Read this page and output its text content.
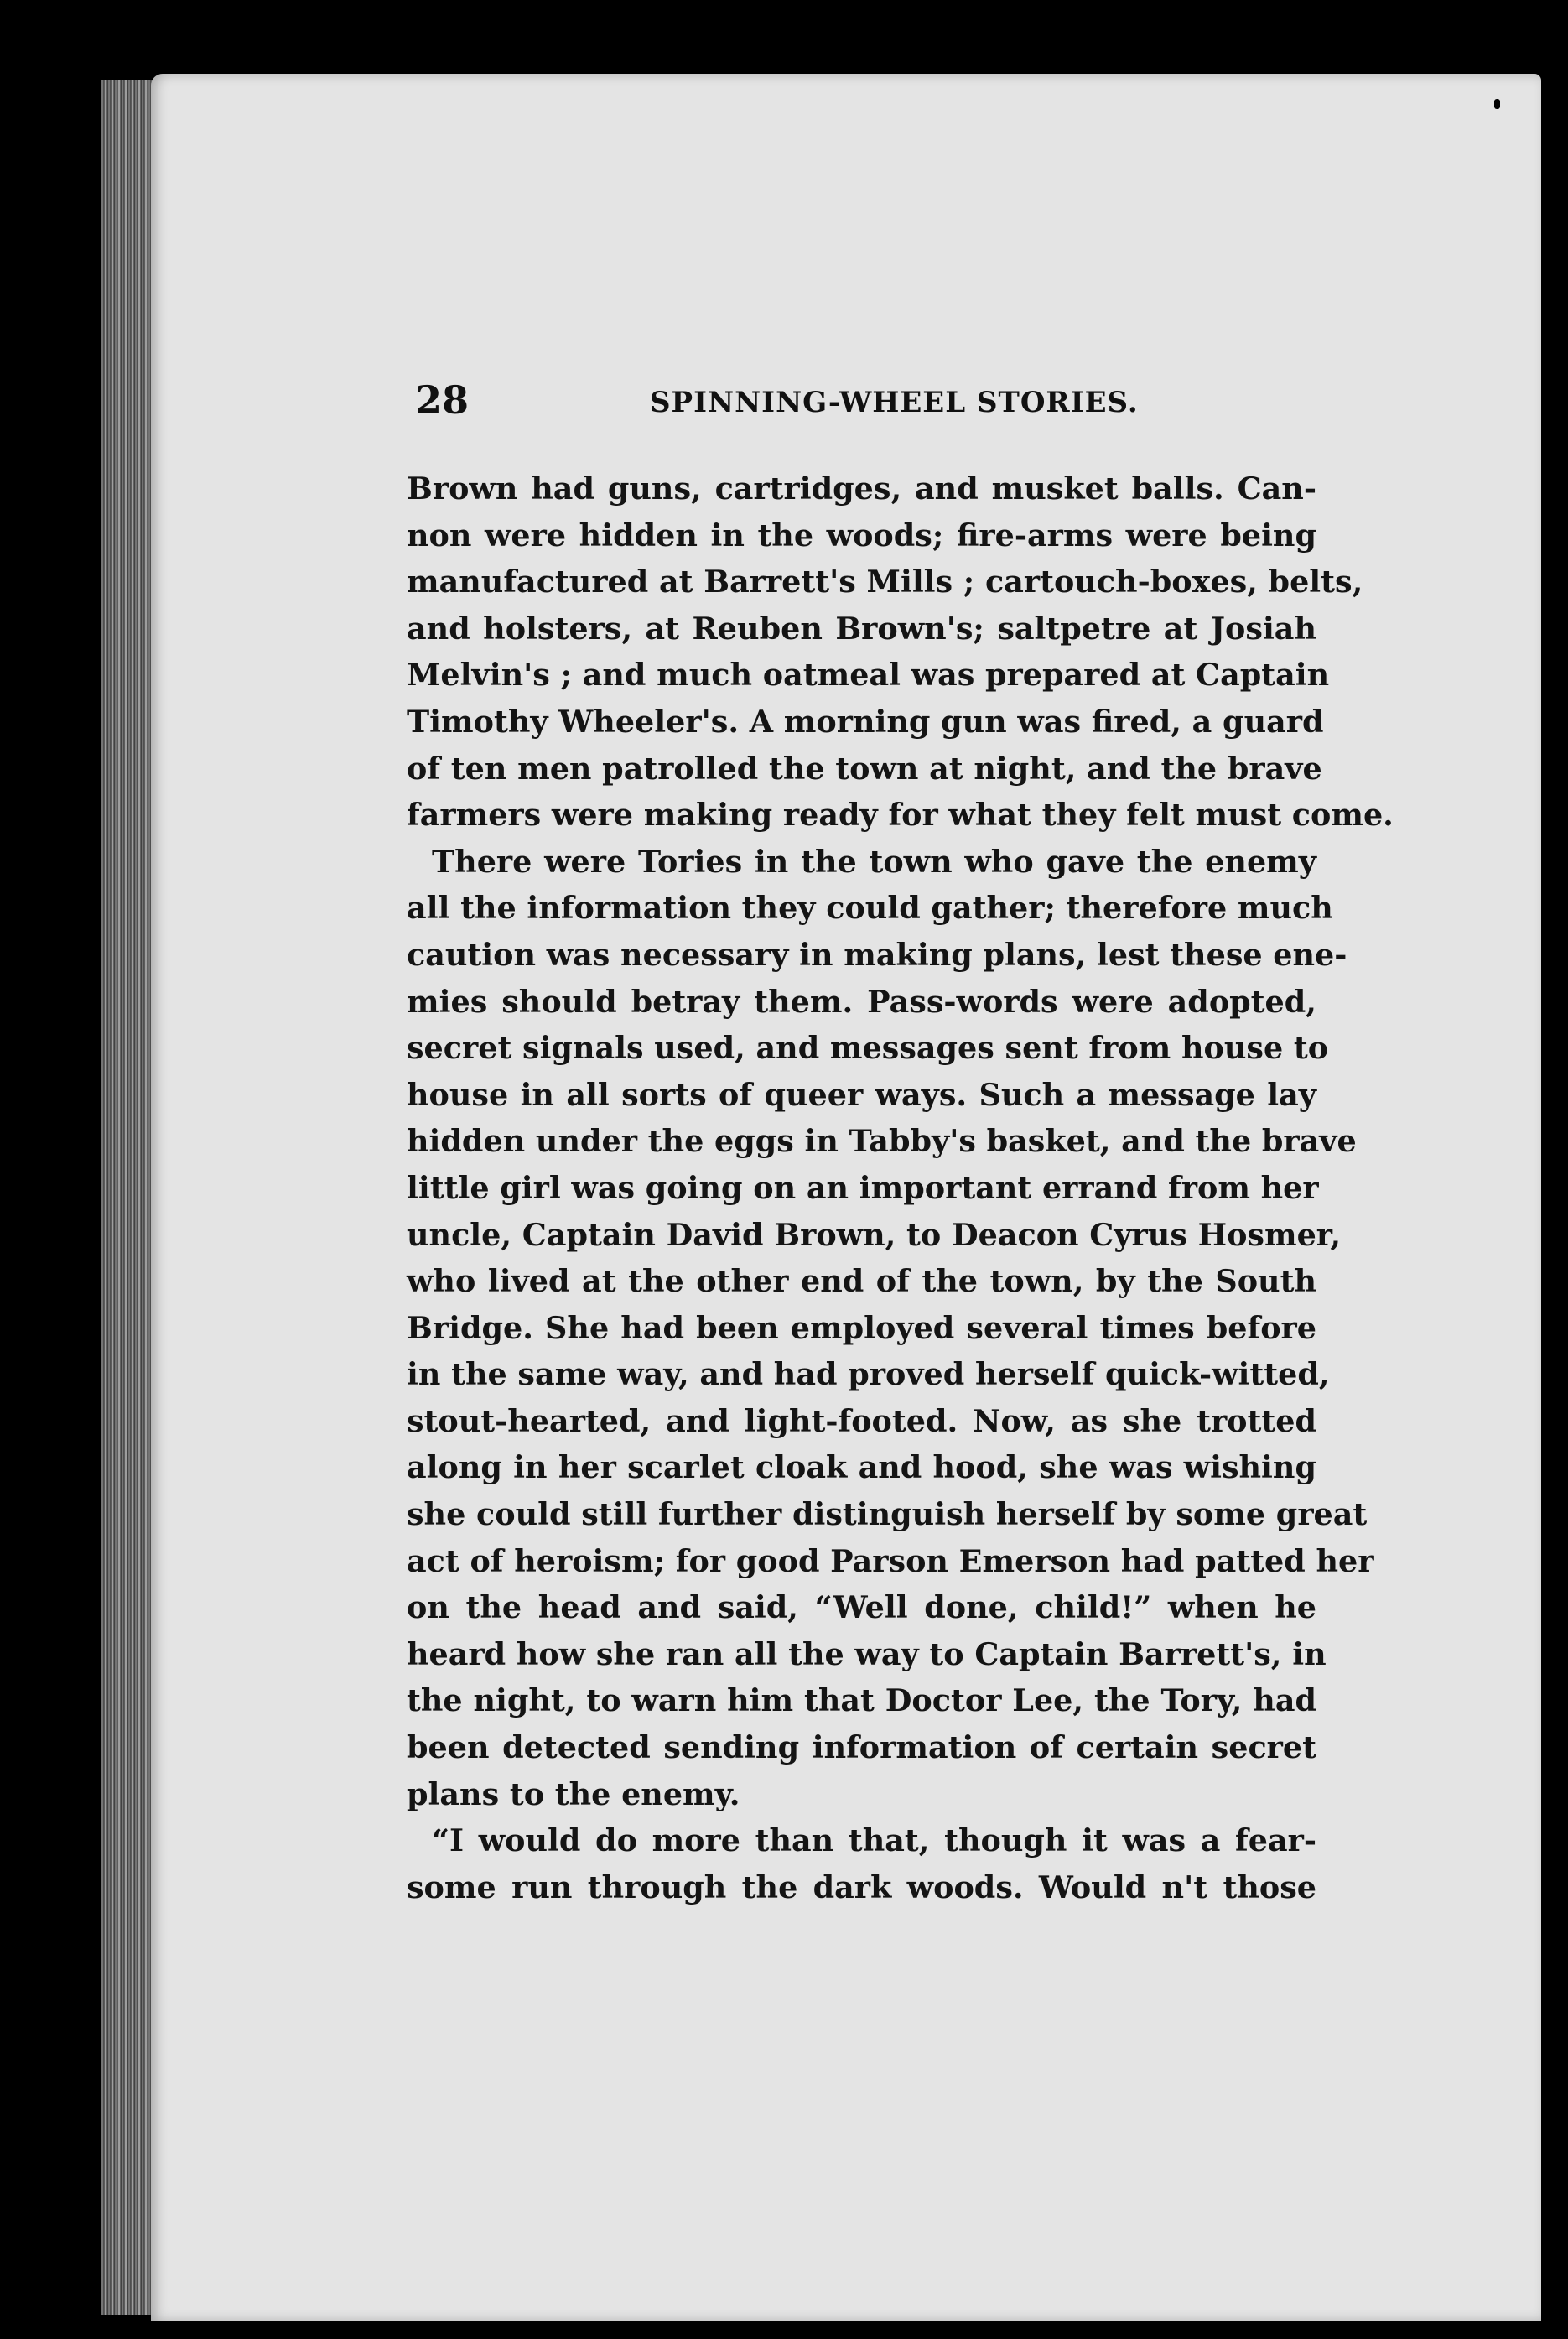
28	SPINNING-WHEEL STORIES.
Brown had guns, cartridges, and musket balls. Can-
non were hidden in the woods; fire-arms were being
manufactured at Barrett's Mills ; cartouch-boxes, belts,
and holsters, at Reuben Brown's; saltpetre at Josiah
Melvin's ; and much oatmeal was prepared at Captain
Timothy Wheeler's. A morning gun was fired, a guard
of ten men patrolled the town at night, and the brave
farmers were making ready for what they felt must come.
There were Tories in the town who gave the enemy
all the information they could gather; therefore much
caution was necessary in making plans, lest these ene-
mies should betray them. Pass-words were adopted,
secret signals used, and messages sent from house to
house in all sorts of queer ways. Such a message lay
hidden under the eggs in Tabby's basket, and the brave
little girl was going on an important errand from her
uncle, Captain David Brown, to Deacon Cyrus Hosmer,
who lived at the other end of the town, by the South
Bridge. She had been employed several times before
in the same way, and had proved herself quick-witted,
stout-hearted, and light-footed. Now, as she trotted
along in her scarlet cloak and hood, she was wishing
she could still further distinguish herself by some great
act of heroism; for good Parson Emerson had patted her
on the head and said, “Well done, child!” when he
heard how she ran all the way to Captain Barrett's, in
the night, to warn him that Doctor Lee, the Tory, had
been detected sending information of certain secret
plans to the enemy.
“I would do more than that, though it was a fear-
some run through the dark woods. Would n't those
